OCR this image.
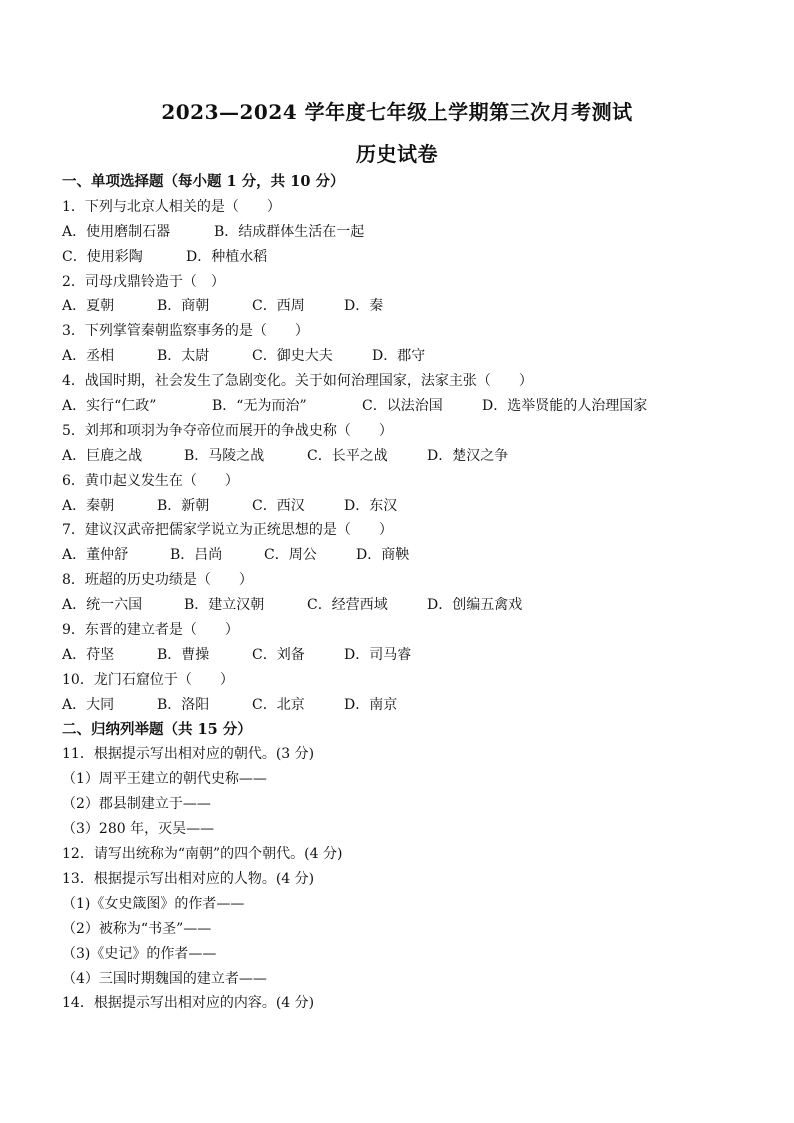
2023—2024 学年度七年级上学期第三次月考测试
历史试卷
一、单项选择题（每小题 1 分，共 10 分）
1．下列与北京人相关的是（　　）
A．使用磨制石器	B．结成群体生活在一起
C．使用彩陶	D．种植水稻
2．司母戊鼎铃造于（　）
A．夏朝	B．商朝	C．西周	D．秦
3．下列掌管秦朝监察事务的是（　　）
A．丞相	B．太尉	C．御史大夫	D．郡守
4．战国时期，社会发生了急剧变化。关于如何治理国家，法家主张（　　）
A．实行“仁政”	B．“无为而治”	C．以法治国	D．选举贤能的人治理国家
5．刘邦和项羽为争夺帝位而展开的争战史称（　　）
A．巨鹿之战	B．马陵之战	C．长平之战	D．楚汉之争
6．黄巾起义发生在（　　）
A．秦朝	B．新朝	C．西汉	D．东汉
7．建议汉武帝把儒家学说立为正统思想的是（　　）
A．董仲舒	B．吕尚	C．周公	D．商鞅
8．班超的历史功绩是（　　）
A．统一六国	B．建立汉朝	C．经营西域	D．创编五禽戏
9．东晋的建立者是（　　）
A．苻坚	B．曹操	C．刘备	D．司马睿
10．龙门石窟位于（　　）
A．大同	B．洛阳	C．北京	D．南京
二、归纳列举题（共 15 分）
11．根据提示写出相对应的朝代。(3 分)
（1）周平王建立的朝代史称——
（2）郡县制建立于——
（3）280 年，灭吴——
12．请写出统称为“南朝”的四个朝代。(4 分)
13．根据提示写出相对应的人物。(4 分)
（1)《女史箴图》的作者——
（2）被称为“书圣”——
（3)《史记》的作者——
（4）三国时期魏国的建立者——
14．根据提示写出相对应的内容。(4 分)
